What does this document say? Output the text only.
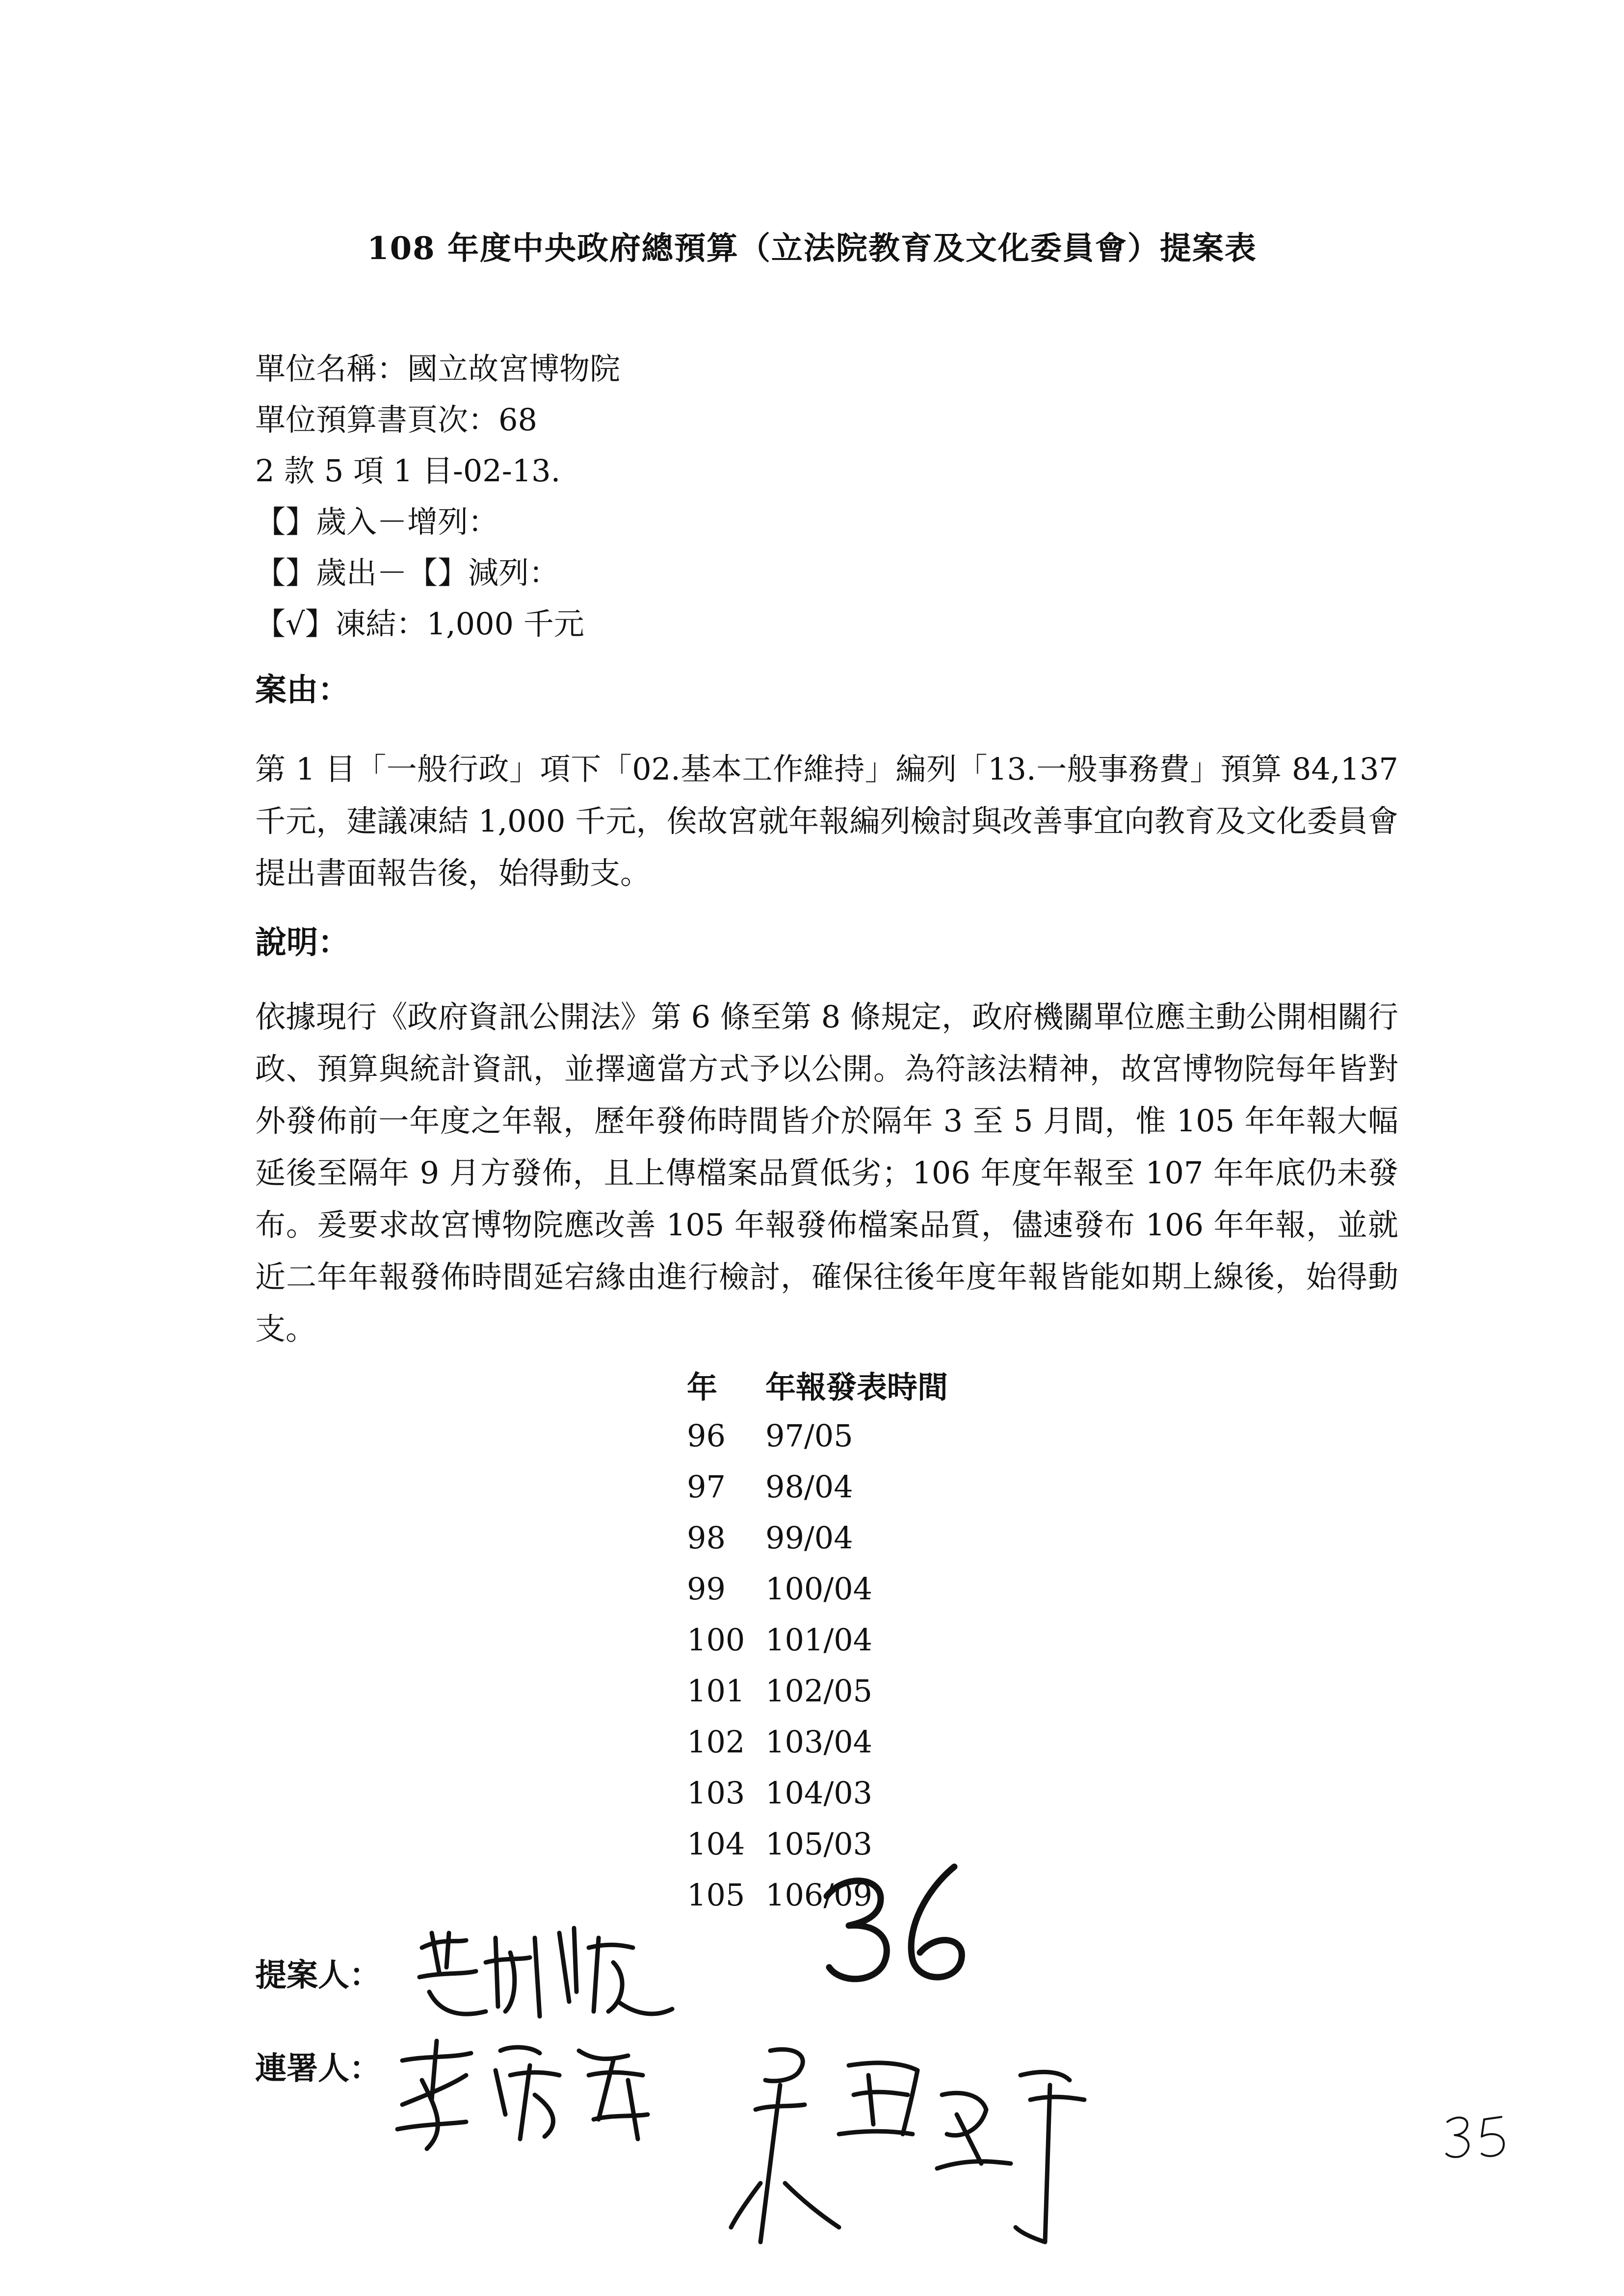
108 年度中央政府總預算（立法院教育及文化委員會）提案表
單位名稱：國立故宮博物院
單位預算書頁次：68
2 款 5 項 1 目-02-13.
【】歲入－增列：
【】歲出－【】減列：
【√】凍結：1,000 千元
案由：
第 1 目「一般行政」項下「02.基本工作維持」編列「13.一般事務費」預算 84,137 千元，建議凍結 1,000 千元，俟故宮就年報編列檢討與改善事宜向教育及文化委員會提出書面報告後，始得動支。
說明：
依據現行《政府資訊公開法》第 6 條至第 8 條規定，政府機關單位應主動公開相關行政、預算與統計資訊，並擇適當方式予以公開。為符該法精神，故宮博物院每年皆對外發佈前一年度之年報，歷年發佈時間皆介於隔年 3 至 5 月間，惟 105 年年報大幅延後至隔年 9 月方發佈，且上傳檔案品質低劣；106 年度年報至 107 年年底仍未發布。爰要求故宮博物院應改善 105 年報發佈檔案品質，儘速發布 106 年年報，並就近二年年報發佈時間延宕緣由進行檢討，確保往後年度年報皆能如期上線後，始得動支。
年	年報發表時間
96	97/05
97	98/04
98	99/04
99	100/04
100 101/04
101 102/05
102 103/04
103 104/03
104 105/03
105 106/09
提案人：
連署人：
